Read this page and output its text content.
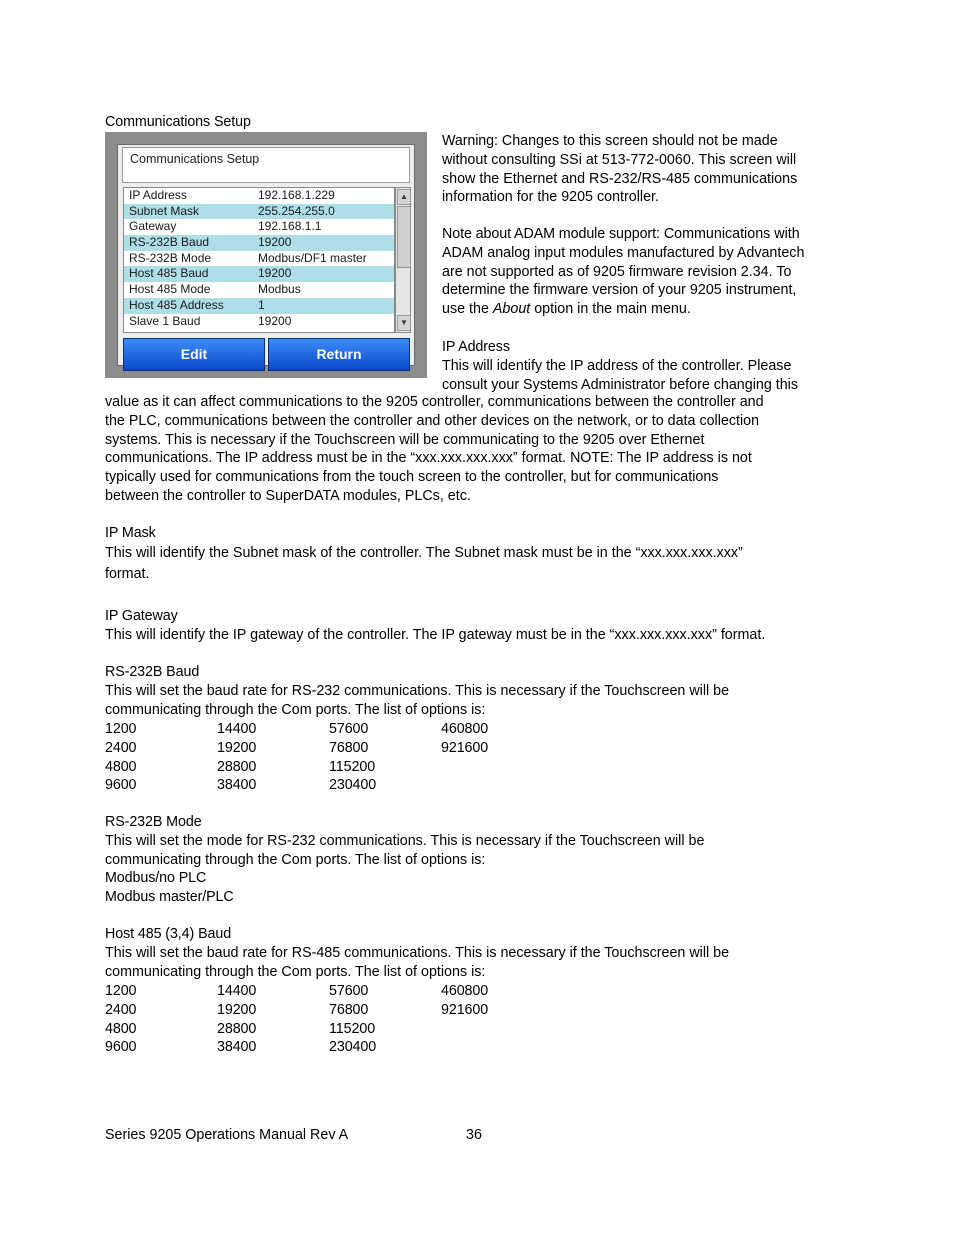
Communications Setup
Communications Setup
IP Address	192.168.1.229
Subnet Mask	255.254.255.0
Gateway	192.168.1.1
RS-232B Baud	19200
RS-232B Mode	Modbus/DF1 master
Host 485 Baud	19200
Host 485 Mode	Modbus
Host 485 Address	1
Slave 1 Baud	19200
▲
▼
Edit	Return

Warning: Changes to this screen should not be made

without consulting SSi at 513-772-0060. This screen will

show the Ethernet and RS-232/RS-485 communications

information for the 9205 controller.

Note about ADAM module support: Communications with

ADAM analog input modules manufactured by Advantech

are not supported as of 9205 firmware revision 2.34. To

determine the firmware version of your 9205 instrument,

use the About option in the main menu.

IP Address

This will identify the IP address of the controller. Please

consult your Systems Administrator before changing this

value as it can affect communications to the 9205 controller, communications between the controller and

the PLC, communications between the controller and other devices on the network, or to data collection

systems. This is necessary if the Touchscreen will be communicating to the 9205 over Ethernet

communications. The IP address must be in the “xxx.xxx.xxx.xxx” format. NOTE: The IP address is not

typically used for communications from the touch screen to the controller, but for communications

between the controller to SuperDATA modules, PLCs, etc.

IP Mask

This will identify the Subnet mask of the controller. The Subnet mask must be in the “xxx.xxx.xxx.xxx”

format.

IP Gateway

This will identify the IP gateway of the controller. The IP gateway must be in the “xxx.xxx.xxx.xxx” format.

RS-232B Baud

This will set the baud rate for RS-232 communications. This is necessary if the Touchscreen will be

communicating through the Com ports. The list of options is:

1200	14400	57600	460800
2400	19200	76800	921600
4800	28800	115200
9600	38400	230400

RS-232B Mode

This will set the mode for RS-232 communications. This is necessary if the Touchscreen will be

communicating through the Com ports. The list of options is:

Modbus/no PLC

Modbus master/PLC

Host 485 (3,4) Baud

This will set the baud rate for RS-485 communications. This is necessary if the Touchscreen will be

communicating through the Com ports. The list of options is:

1200	14400	57600	460800
2400	19200	76800	921600
4800	28800	115200
9600	38400	230400
Series 9205 Operations Manual Rev A	36
